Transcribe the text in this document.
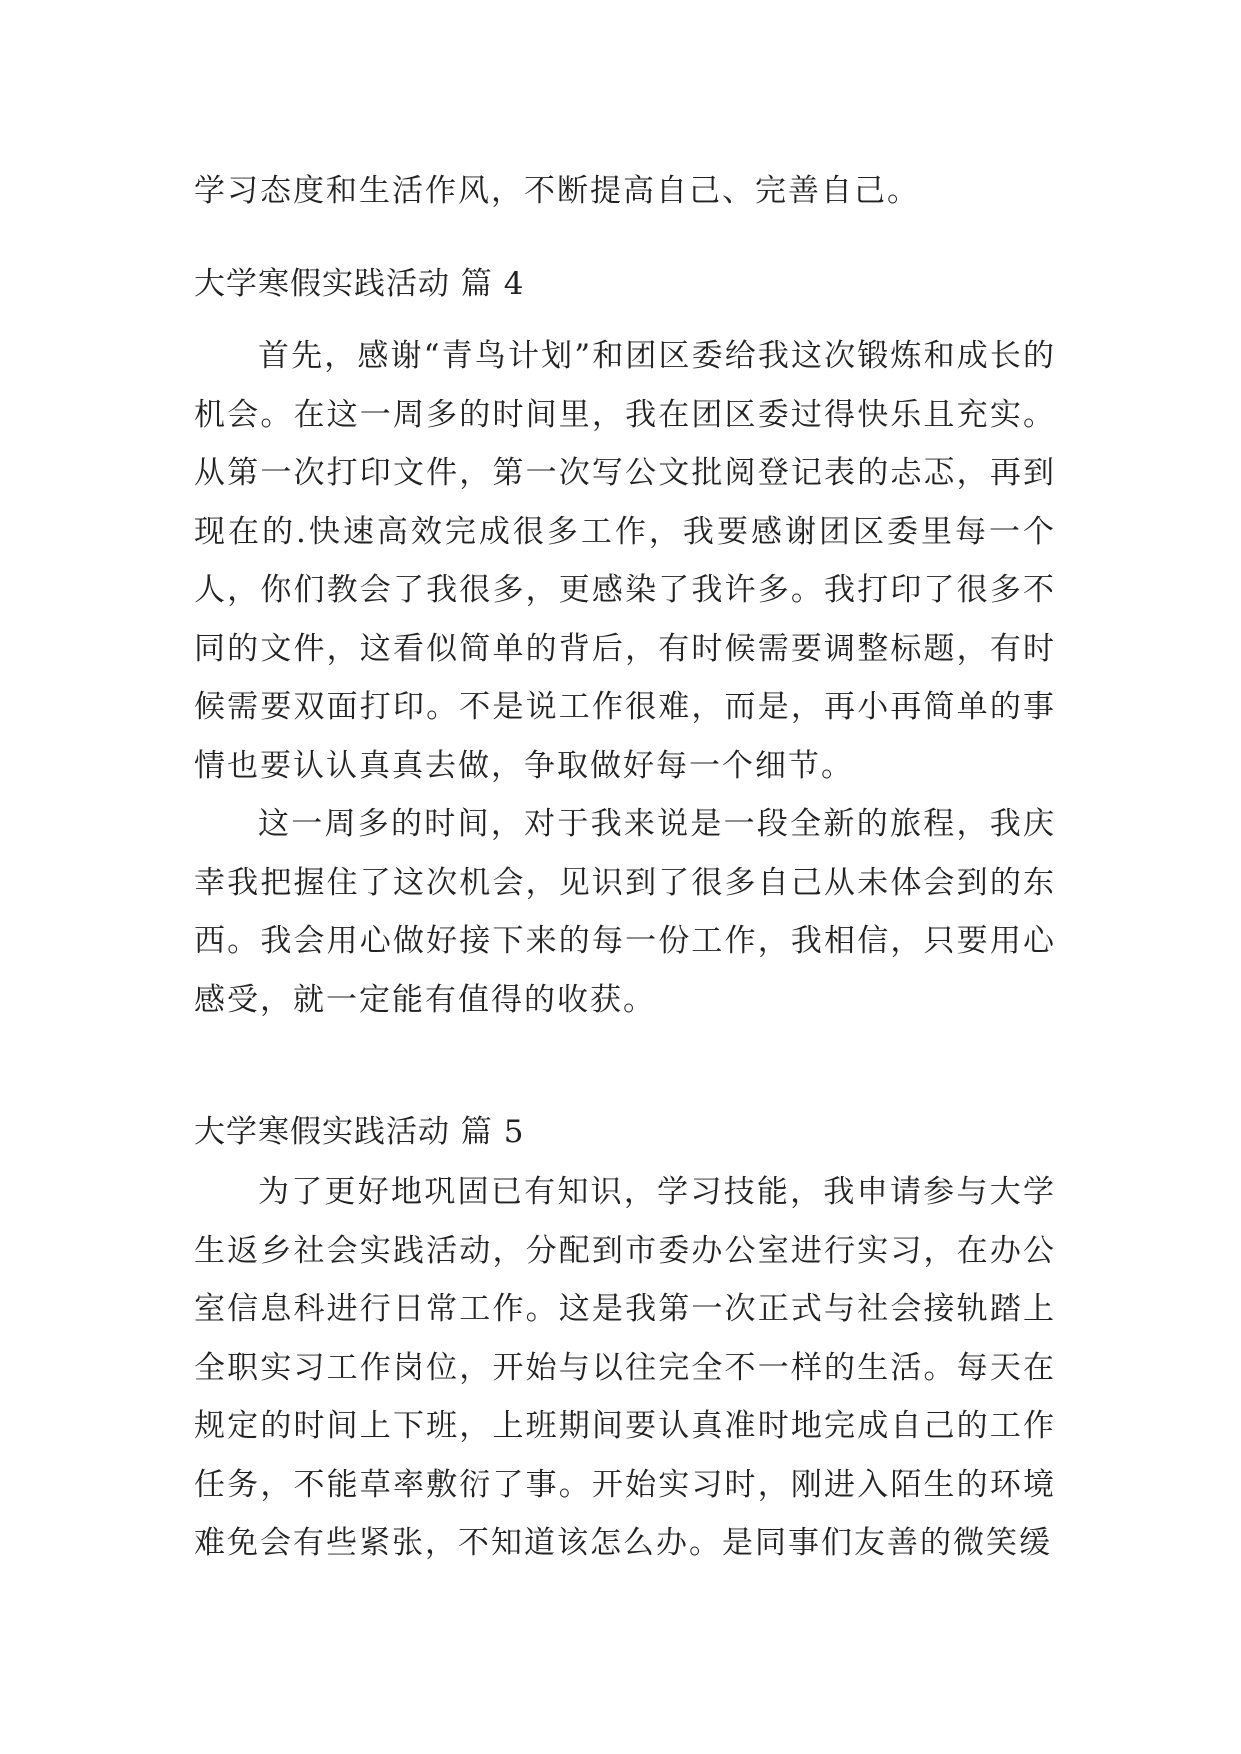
学习态度和生活作风，不断提高自己、完善自己。

大学寒假实践活动 篇 4

首先，感谢“青鸟计划”和团区委给我这次锻炼和成长的机会。在这一周多的时间里，我在团区委过得快乐且充实。从第一次打印文件，第一次写公文批阅登记表的忐忑，再到现在的.快速高效完成很多工作，我要感谢团区委里每一个人，你们教会了我很多，更感染了我许多。我打印了很多不同的文件，这看似简单的背后，有时候需要调整标题，有时候需要双面打印。不是说工作很难，而是，再小再简单的事情也要认认真真去做，争取做好每一个细节。

这一周多的时间，对于我来说是一段全新的旅程，我庆幸我把握住了这次机会，见识到了很多自己从未体会到的东西。我会用心做好接下来的每一份工作，我相信，只要用心感受，就一定能有值得的收获。

大学寒假实践活动 篇 5

为了更好地巩固已有知识，学习技能，我申请参与大学生返乡社会实践活动，分配到市委办公室进行实习，在办公室信息科进行日常工作。这是我第一次正式与社会接轨踏上全职实习工作岗位，开始与以往完全不一样的生活。每天在规定的时间上下班，上班期间要认真准时地完成自己的工作任务，不能草率敷衍了事。开始实习时，刚进入陌生的环境难免会有些紧张，不知道该怎么办。是同事们友善的微笑缓
